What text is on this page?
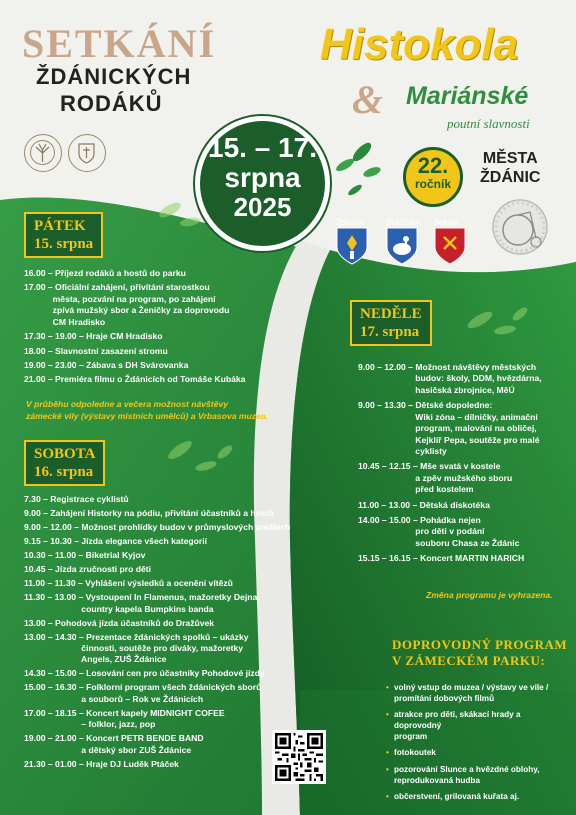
SETKÁNÍ
ŽDÁNICKÝCH
RODÁKŮ
Histokola
& Mariánské
poutní slavnosti
15. – 17.
srpna
2025
22.
ročník
MĚSTA
ŽDÁNIC
Ždánice	Dražůvky Sekule
PÁTEK
15. srpna
16.00 – Příjezd rodáků a hostů do parku
17.00 – Oficiální zahájení, přivítání starostkou
města, pozvání na program, po zahájení
zpívá mužský sbor a Ženičky za doprovodu
CM Hradisko
17.30 – 19.00 – Hraje CM Hradisko
18.00 – Slavnostní zasazení stromu
19.00 – 23.00 – Zábava s DH Svárovanka
21.00 – Premiéra filmu o Ždánicích od Tomáše Kubáka
V průběhu odpoledne a večera možnost návštěvy
zámecké vily (výstavy místních umělců) a Vrbasova muzea.
SOBOTA
16. srpna
7.30 – Registrace cyklistů
9.00 – Zahájení Historky na pódiu, přivítání účastníků a hostů
9.00 – 12.00 – Možnost prohlídky budov v průmyslových areálech
9.15 – 10.30 – Jízda elegance všech kategorií
10.30 – 11.00 – Biketrial Kyjov
10.45 – Jízda zručnosti pro děti
11.00 – 11.30 – Vyhlášení výsledků a ocenění vítězů
11.30 – 13.00 – Vystoupení In Flamenus, mažoretky Dejna,
country kapela Bumpkins banda
13.00 – Pohodová jízda účastníků do Dražůvek
13.00 – 14.30 – Prezentace ždánických spolků – ukázky
činnosti, soutěže pro diváky, mažoretky
Angels, ZUŠ Ždánice
14.30 – 15.00 – Losování cen pro účastníky Pohodové jízdy
15.00 – 16.30 – Folklorní program všech ždánických sborů
a souborů – Rok ve Ždánicích
17.00 – 18.15 – Koncert kapely MIDNIGHT COFEE
– folklor, jazz, pop
19.00 – 21.00 – Koncert PETR BENDE BAND
a dětský sbor ZUŠ Ždánice
21.30 – 01.00 – Hraje DJ Luděk Ptáček
NEDĚLE
17. srpna
9.00 – 12.00 – Možnost návštěvy městských
budov: školy, DDM, hvězdárna,
hasičská zbrojnice, MěÚ
9.00 – 13.30 – Dětské dopoledne:
Wiki zóna – dílničky, animační
program, malování na obličej,
Kejklíř Pepa, soutěže pro malé
cyklisty
10.45 – 12.15 – Mše svatá v kostele
a zpěv mužského sboru
před kostelem
11.00 – 13.00 – Dětská diskotéka
14.00 – 15.00 – Pohádka nejen
pro děti v podání
souboru Chasa ze Ždánic
15.15 – 16.15 – Koncert MARTIN HARICH
Změna programu je vyhrazena.
DOPROVODNÝ PROGRAM
V ZÁMECKÉM PARKU:
• volný vstup do muzea / výstavy ve vile /
promítání dobových filmů
• atrakce pro děti, skákací hrady a doprovodný
program
• fotokoutek
• pozorování Slunce a hvězdné oblohy,
reprodukovaná hudba
• občerstvení, grilovaná kuřata aj.
